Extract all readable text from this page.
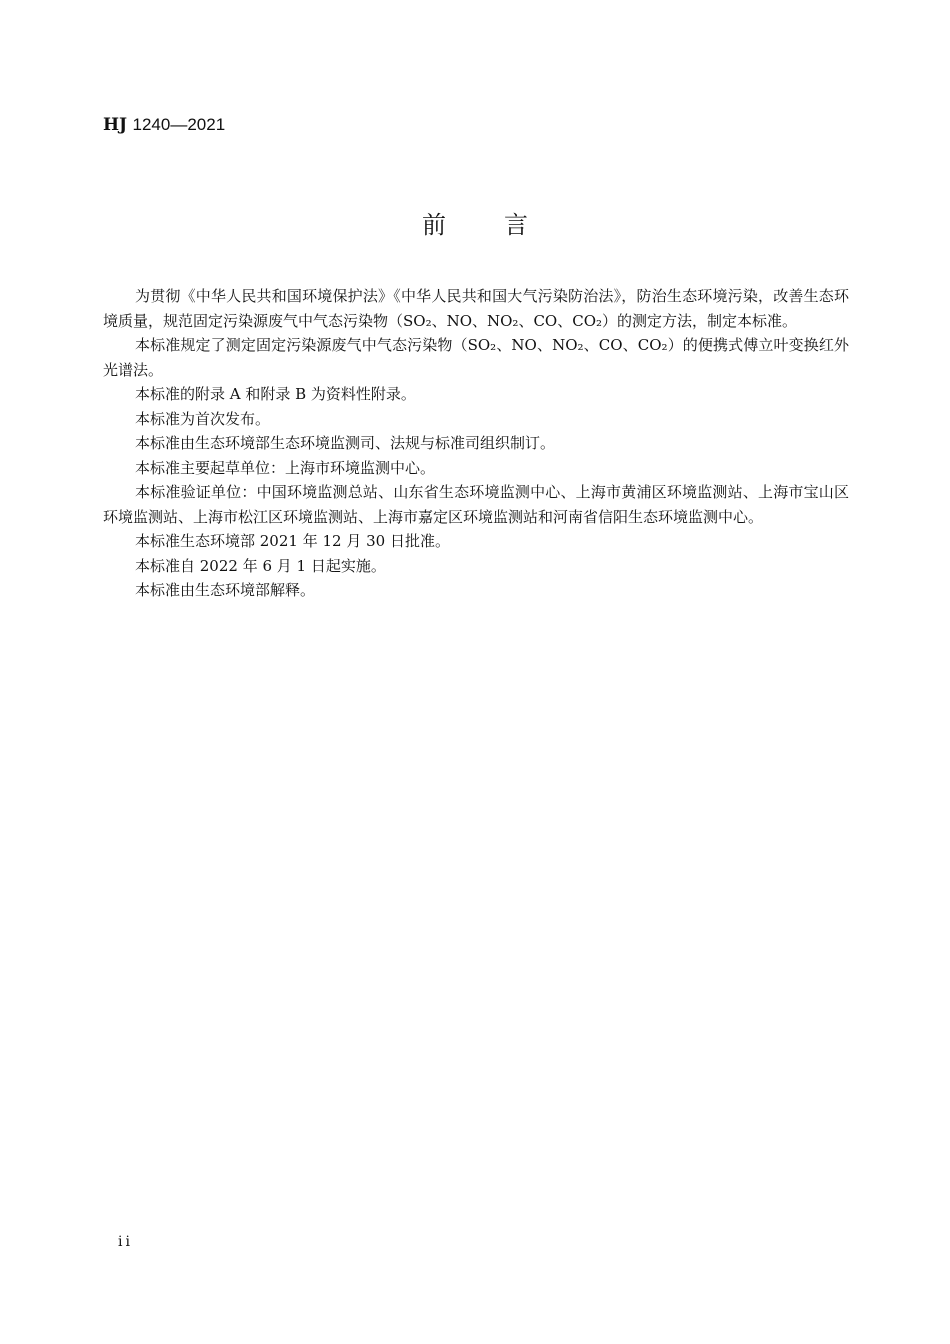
HJ 1240—2021
前 言

为贯彻《中华人民共和国环境保护法》《中华人民共和国大气污染防治法》，防治生态环境污染，改善生态环境质量，规范固定污染源废气中气态污染物（SO₂、NO、NO₂、CO、CO₂）的测定方法，制定本标准。

本标准规定了测定固定污染源废气中气态污染物（SO₂、NO、NO₂、CO、CO₂）的便携式傅立叶变换红外光谱法。

本标准的附录 A 和附录 B 为资料性附录。

本标准为首次发布。

本标准由生态环境部生态环境监测司、法规与标准司组织制订。

本标准主要起草单位：上海市环境监测中心。

本标准验证单位：中国环境监测总站、山东省生态环境监测中心、上海市黄浦区环境监测站、上海市宝山区环境监测站、上海市松江区环境监测站、上海市嘉定区环境监测站和河南省信阳生态环境监测中心。

本标准生态环境部 2021 年 12 月 30 日批准。

本标准自 2022 年 6 月 1 日起实施。

本标准由生态环境部解释。

ii
